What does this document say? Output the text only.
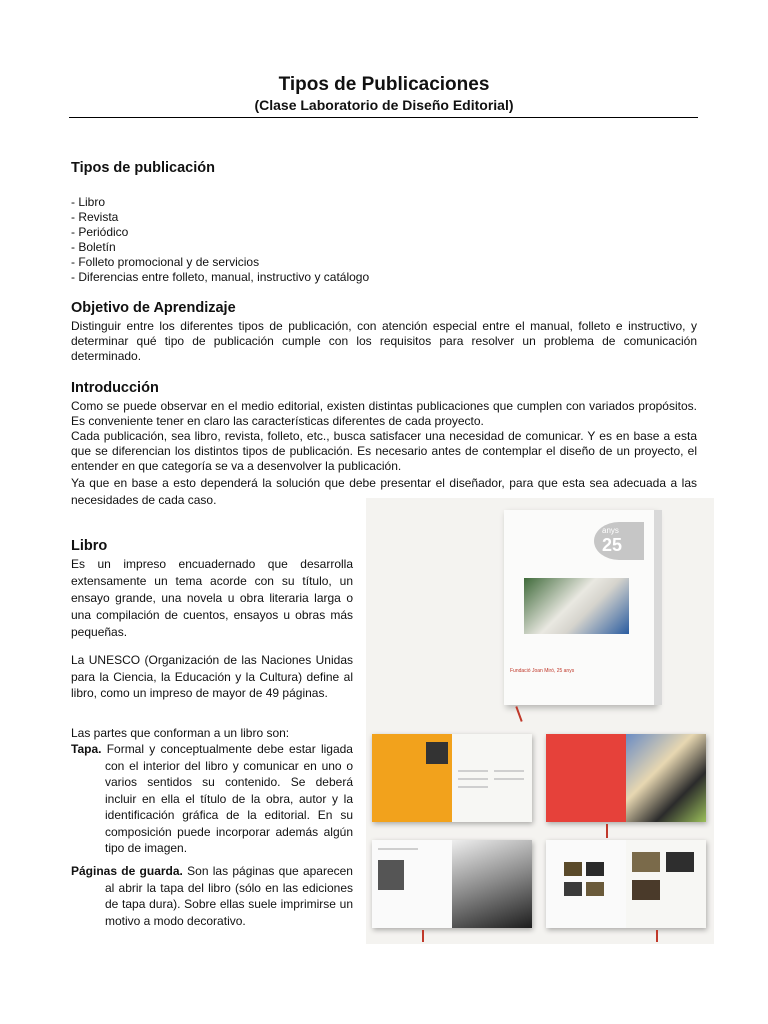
Tipos de Publicaciones
(Clase Laboratorio de Diseño Editorial)
Tipos de publicación
- Libro
- Revista
- Periódico
- Boletín
- Folleto promocional y de servicios
- Diferencias entre folleto, manual, instructivo y catálogo
Objetivo de Aprendizaje
Distinguir entre los diferentes tipos de publicación, con atención especial entre el manual, folleto e instructivo, y determinar qué tipo de publicación cumple con los requisitos para resolver un problema de comunicación determinado.
Introducción

Como se puede observar en el medio editorial, existen distintas publicaciones que cumplen con variados propósitos. Es conveniente tener en claro las características diferentes de cada proyecto.

Cada publicación, sea libro, revista, folleto, etc., busca satisfacer una necesidad de comunicar. Y es en base a esta que se diferencian los distintos tipos de publicación. Es necesario antes de contemplar el diseño de un proyecto, el entender en que categoría se va a desenvolver la publicación.

Ya que en base a esto dependerá la solución que debe presentar el diseñador, para que esta sea adecuada a las necesidades de cada caso.

Libro

Es un impreso encuadernado que desarrolla extensamente un tema acorde con su título, un ensayo grande, una novela u obra literaria larga o una compilación de cuentos, ensayos u obras más pequeñas.

La UNESCO (Organización de las Naciones Unidas para la Ciencia, la Educación y la Cultura) define al libro, como un impreso de mayor de 49 páginas.

Las partes que conforman a un libro son:

Tapa. Formal y conceptualmente debe estar ligada con el interior del libro y comunicar en uno o varios sentidos su contenido. Se deberá incluir en ella el título de la obra, autor y la identificación gráfica de la editorial. En su composición puede incorporar además algún tipo de imagen.

Páginas de guarda. Son las páginas que aparecen al abrir la tapa del libro (sólo en las ediciones de tapa dura). Sobre ellas suele imprimirse un motivo a modo decorativo.

anys
25
Fundació Joan Miró, 25 anys
